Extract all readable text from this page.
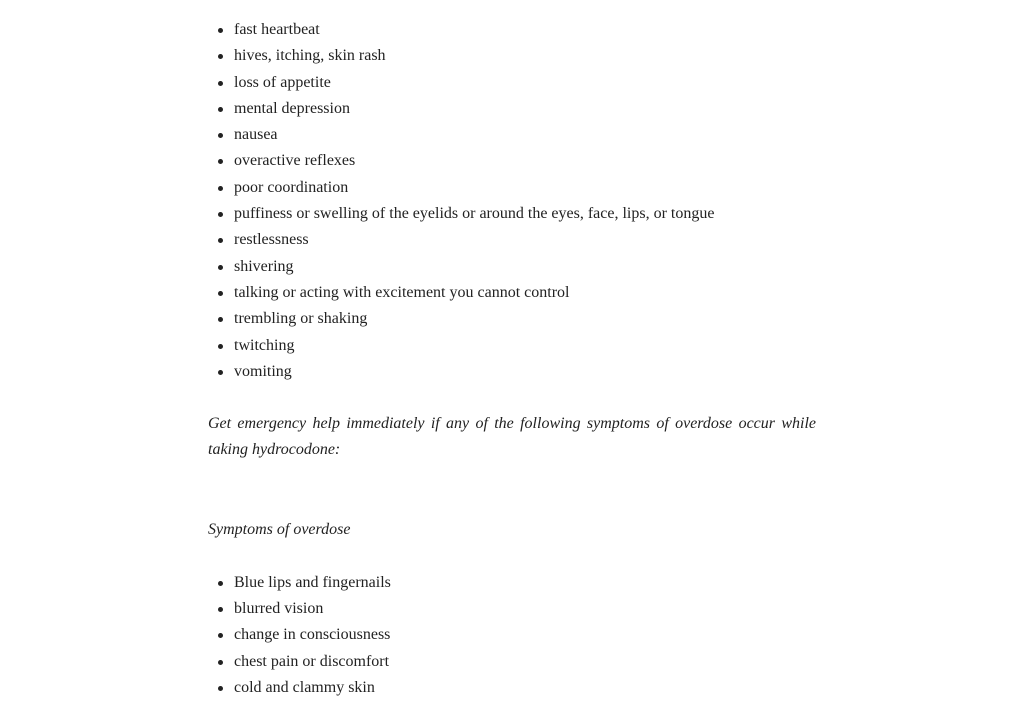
fast heartbeat
hives, itching, skin rash
loss of appetite
mental depression
nausea
overactive reflexes
poor coordination
puffiness or swelling of the eyelids or around the eyes, face, lips, or tongue
restlessness
shivering
talking or acting with excitement you cannot control
trembling or shaking
twitching
vomiting

Get emergency help immediately if any of the following symptoms of overdose occur while taking hydrocodone:

Symptoms of overdose

Blue lips and fingernails
blurred vision
change in consciousness
chest pain or discomfort
cold and clammy skin
